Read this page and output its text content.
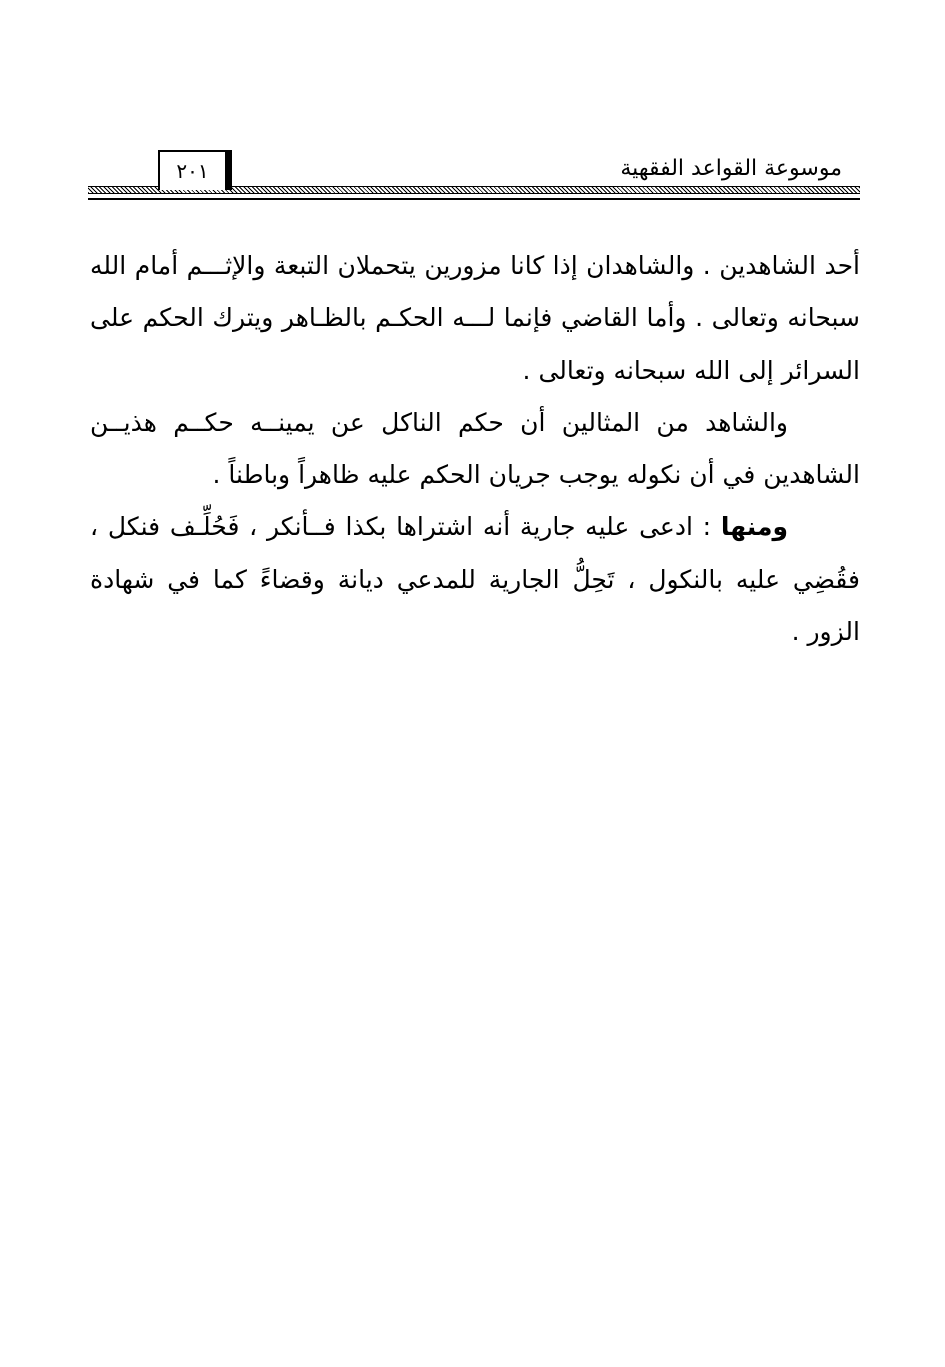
موسوعة القواعد الفقهية
٢٠١

أحد الشاهدين . والشاهدان إذا كانا مزورين يتحملان التبعة والإثـــم أمام الله سبحانه وتعالى . وأما القاضي فإنما لـــه الحكـم بالظـاهر ويترك الحكم على السرائر إلى الله سبحانه وتعالى .

والشاهد من المثالين أن حكم الناكل عن يمينــه حكــم هذيــن الشاهدين في أن نكوله يوجب جريان الحكم عليه ظاهراً وباطناً .

ومنها : ادعى عليه جارية أنه اشتراها بكذا فــأنكر ، فَحُلِّـف فنكل ، فقُضِي عليه بالنكول ، تَحِلُّ الجارية للمدعي ديانة وقضاءً كما في شهادة الزور .
